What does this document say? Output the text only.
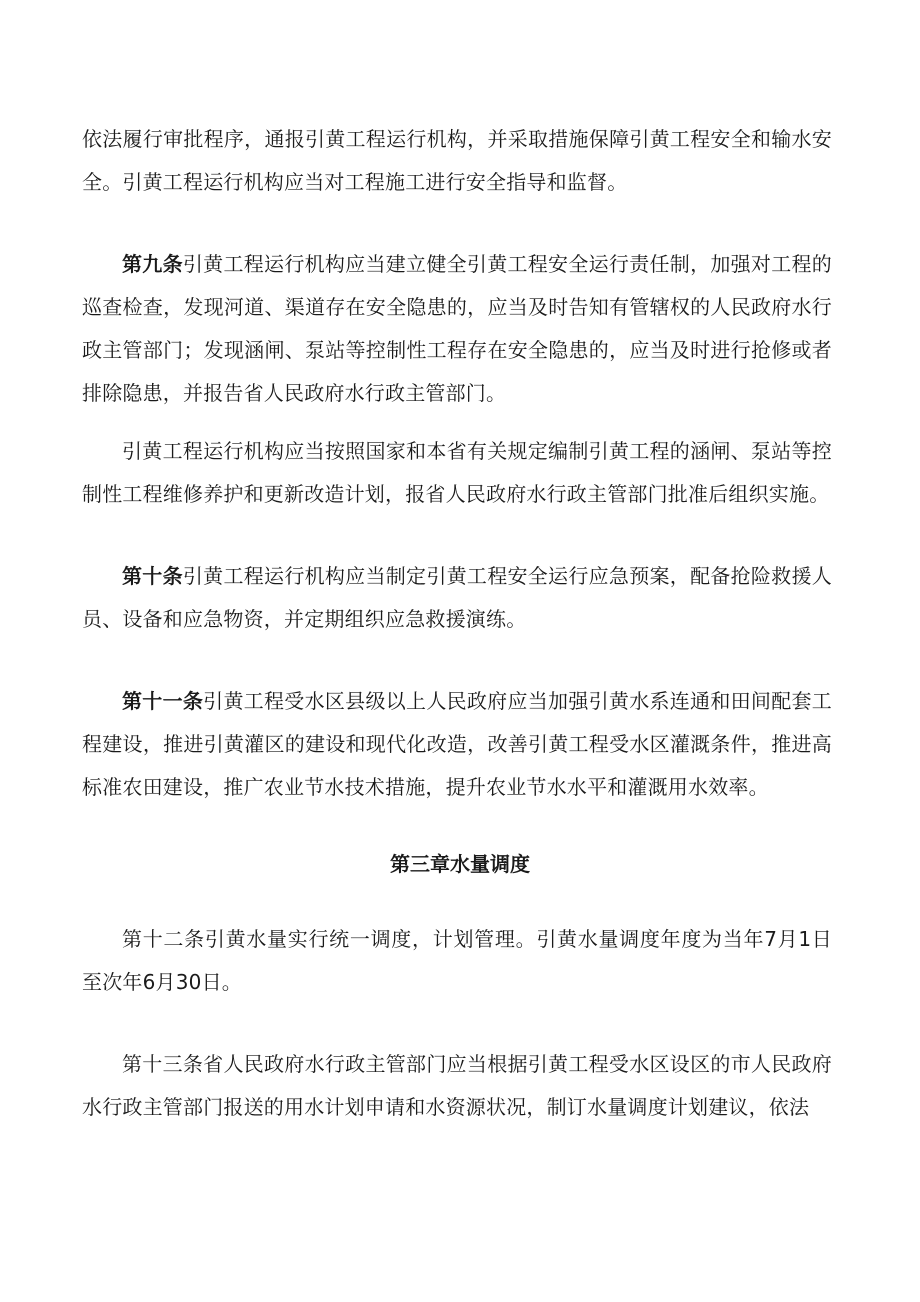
依法履行审批程序，通报引黄工程运行机构，并采取措施保障引黄工程安全和输水安全。引黄工程运行机构应当对工程施工进行安全指导和监督。

第九条引黄工程运行机构应当建立健全引黄工程安全运行责任制，加强对工程的巡查检查，发现河道、渠道存在安全隐患的，应当及时告知有管辖权的人民政府水行政主管部门；发现涵闸、泵站等控制性工程存在安全隐患的，应当及时进行抢修或者排除隐患，并报告省人民政府水行政主管部门。

引黄工程运行机构应当按照国家和本省有关规定编制引黄工程的涵闸、泵站等控制性工程维修养护和更新改造计划，报省人民政府水行政主管部门批准后组织实施。

第十条引黄工程运行机构应当制定引黄工程安全运行应急预案，配备抢险救援人员、设备和应急物资，并定期组织应急救援演练。

第十一条引黄工程受水区县级以上人民政府应当加强引黄水系连通和田间配套工程建设，推进引黄灌区的建设和现代化改造，改善引黄工程受水区灌溉条件，推进高标准农田建设，推广农业节水技术措施，提升农业节水水平和灌溉用水效率。

第三章水量调度

第十二条引黄水量实行统一调度，计划管理。引黄水量调度年度为当年7月1日至次年6月30日。

第十三条省人民政府水行政主管部门应当根据引黄工程受水区设区的市人民政府水行政主管部门报送的用水计划申请和水资源状况，制订水量调度计划建议，依法
